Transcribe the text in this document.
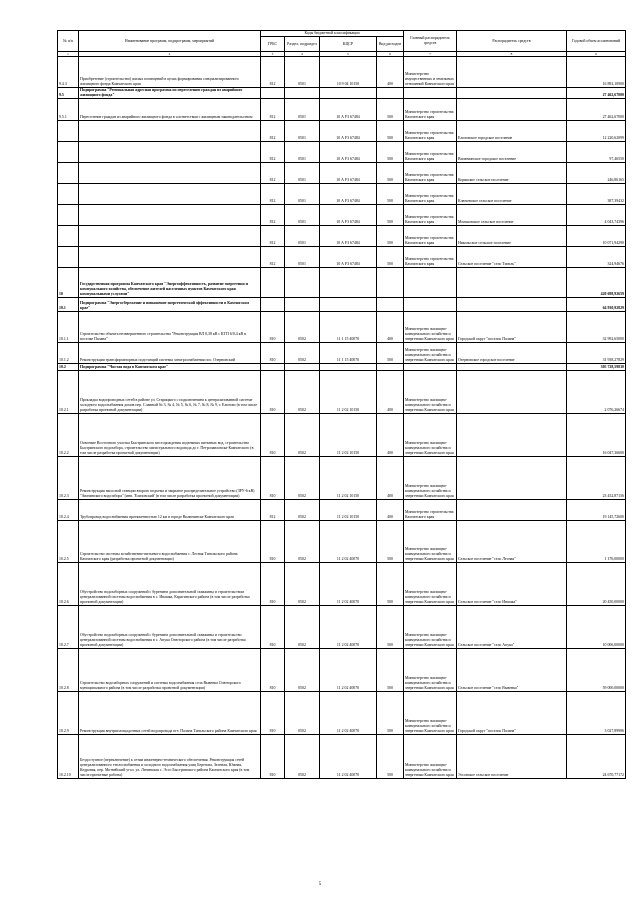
№ п/п	Наименование программ, подпрограмм, мероприятий	Коды бюджетной классификации				Главный распорядитель средств	Распорядитель средств	Годовой объем ассигнований
		ГРБС	Раздел, подраздел	КЦСР	Вид расходов			
1	2	3	4	5	6	7	8	9
9.4.3	Приобретение (строительство) жилых помещений в целях формирования специализированного жилищного фонда Камчатского края	812	0501	10 9 04 10150	400	Министерство имущественных и земельных отношений Камчатского края		16 892,10900
9.5	Подпрограмма "Региональная адресная программа по переселению граждан из аварийного жилищного фонда"							27 462,67000
9.5.1	Переселение граждан из аварийного жилищного фонда в соответствии с жилищным законодательством	812	0501	10 А F3 67484	500	Министерство строительства Камчатского края		27 462,67000
		812	0501	10 А F3 67484	500	Министерство строительства Камчатского края	Елизовское городское поселение	12 220,62099
		812	0501	10 А F3 67484	500	Министерство строительства Камчатского края	Вилючинское городское поселение	97,46550
		812	0501	10 А F3 67484	500	Министерство строительства Камчатского края	Корякское сельское поселение	246,86165
		812	0501	10 А F3 67484	500	Министерство строительства Камчатского края	Ключевское сельское поселение	387,39432
		812	0501	10 А F3 67484	500	Министерство строительства Камчатского края	Мильковское сельское поселение	4 043,74396
		812	0501	10 А F3 67484	500	Министерство строительства Камчатского края	Никольское сельское поселение	10 071,94290
		812	0501	10 А F3 67484	500	Министерство строительства Камчатского края	Сельское поселение "село Тигиль"	324,94676
10	Государственная программа Камчатского края "Энергоэффективность, развитие энергетики и коммунального хозяйства, обеспечение жителей населенных пунктов Камчатского края коммунальными услугами"							420 698,92659
10.1	Подпрограмма "Энергосбережение и повышение энергетической эффективности в Камчатском крае"							64 930,92829
10.1.1	Строительство объекта незавершенного строительства "Реконструкция ВЛ 0,38 кВ с КТП 6/0,4 кВ в поселке Палана"	810	0502	11 1 15 40070	400	Министерство жилищно-коммунального хозяйства и энергетики Камчатского края	Городской округ "поселок Палана"	32 992,65000
10.1.2	Реконструкция трансформаторных подстанций системы электроснабжения пос. Озерновский	810	0502	11 1 15 40070	500	Министерство жилищно-коммунального хозяйства и энергетики Камчатского края	Озерновское городское поселение	31 938,27829
10.2	Подпрограмма "Чистая вода в Камчатском крае"							305 728,59830
10.2.1	Прокладка водопроводных сетей в районе ул. Старицкого с подключением к централизованной системе холодного водоснабжения домов пер. Славный № 3, № 4, № 5, № 6, № 7, № 8, № 9, г. Елизово (в том числе разработка проектной документации)	810	0502	11 2 02 10150	400	Министерство жилищно-коммунального хозяйства и энергетики Камчатского края		2 076,26674
10.2.2	Освоение Восточного участка Быстринского месторождения подземных питьевых вод, строительство Быстринского водозабора, строительство магистрального водовода до г. Петропавловска-Камчатского (в том числе разработка проектной документации)	810	0502	11 2 02 10150	400	Министерство жилищно-коммунального хозяйства и энергетики Камчатского края		16 047,36600
10.2.3	Реконструкция насосной станции второго подъема и закрытое распределительное устройство (ЗРУ-6 кВ) "Авачинского водозабора" (инв. 'Елизовский' (в том числе разработка проектной документации)	810	0502	11 2 02 10150	400	Министерство жилищно-коммунального хозяйства и энергетики Камчатского края		23 452,87156
10.2.4	Трубопровод водоснабжения протяженностью 12 км в городе Вилючинске Камчатского края	812	0502	11 2 02 10150	400	Министерство строительства Камчатского края		19 145,72600
10.2.5	Строительство системы хозяйственно-питьевого водоснабжения с. Лесная Тигильского района Камчатского края (разработка проектной документации)	810	0502	11 2 02 40070	500	Министерство жилищно-коммунального хозяйства и энергетики Камчатского края	Сельское поселение "село Лесная"	1 176,00000
10.2.6	Обустройство водозаборных сооружений с бурением дополнительной скважины и строительством централизованной системы водоснабжения в с. Ивашка, Карагинского района (в том числе разработка проектной документации)	810	0502	11 2 02 40070	500	Министерство жилищно-коммунального хозяйства и энергетики Камчатского края	Сельское поселение "село Ивашка"	20 450,00000
10.2.7	Обустройство водозаборных сооружений с бурением дополнительной скважины и строительство централизованной системы водоснабжения в с. Апука Олюторского района (в том числе разработка проектной документации)	810	0502	11 2 02 40070	500	Министерство жилищно-коммунального хозяйства и энергетики Камчатского края	Сельское поселение "село Апука"	10 006,00000
10.2.8	Строительство водозаборных сооружений и системы водоснабжения села Вывенка Олюторского муниципального района (в том числе разработка проектной документации)	810	0502	11 2 02 40070	500	Министерство жилищно-коммунального хозяйства и энергетики Камчатского края	Сельское поселение "село Вывенка"	59 000,00000
10.2.9	Реконструкция внутриплощадочных сетей водопровода пгт. Палана Тигильского района Камчатского края	810	0502	11 2 02 40070	500	Министерство жилищно-коммунального хозяйства и энергетики Камчатского края	Городской округ "поселок Палана"	3 027,89986
10.2.10	Бездоступное (переключение) к сетям инженерно-технического обеспечения. Реконструкция сетей централизованного теплоснабжения и холодного водоснабжения улиц Березова, Зеленая, Южная, Кедровая, пер. Мотвейский угол. ул. Ленинская с. Эссо Быстринского района Камчатского края (в том числе проектные работы)	810	0502	11 2 02 40070	500	Министерство жилищно-коммунального хозяйства и энергетики Камчатского края	Эссовское сельское поселение	24 670,77172
5
